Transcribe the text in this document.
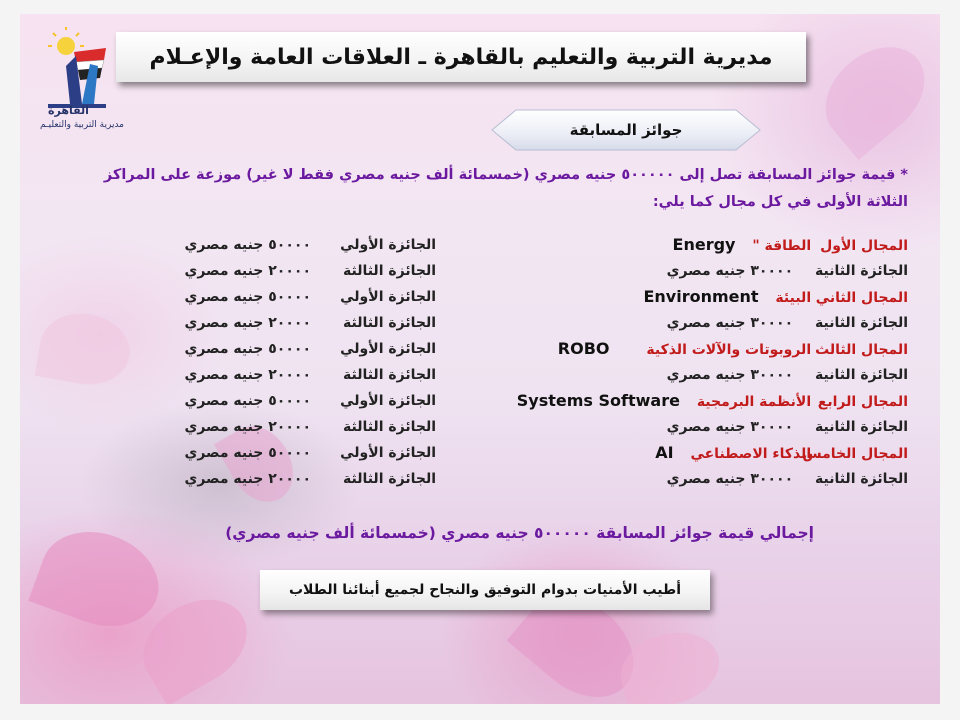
القاهرة
مديرية التربية والتعليـم
مديرية التربية والتعليم بالقاهرة ـ العلاقات العامة والإعـلام
جوائز المسابقة
* قيمة جوائز المسابقة تصل إلى ٥٠٠٠٠٠ جنيه مصري (خمسمائة ألف جنيه مصري فقط لا غير) موزعة على المراكز
الثلاثة الأولى في كل مجال كما يلي:
المجال الأول الطاقة " Energy
الجائزة الثانية ٣٠٠٠٠ جنيه مصري
المجال الثاني البيئة Environment
الجائزة الثانية ٣٠٠٠٠ جنيه مصري
المجال الثالث الروبوتات والآلات الذكية ROBO
الجائزة الثانية ٣٠٠٠٠ جنيه مصري
المجال الرابع الأنظمة البرمجية Systems Software
الجائزة الثانية ٣٠٠٠٠ جنيه مصري
المجال الخامس الذكاء الاصطناعي AI
الجائزة الثانية ٣٠٠٠٠ جنيه مصري
الجائزة الأولي٥٠٠٠٠ جنيه مصري
الجائزة الثالثة٢٠٠٠٠ جنيه مصري
الجائزة الأولي٥٠٠٠٠ جنيه مصري
الجائزة الثالثة٢٠٠٠٠ جنيه مصري
الجائزة الأولي٥٠٠٠٠ جنيه مصري
الجائزة الثالثة٢٠٠٠٠ جنيه مصري
الجائزة الأولي٥٠٠٠٠ جنيه مصري
الجائزة الثالثة٢٠٠٠٠ جنيه مصري
الجائزة الأولي٥٠٠٠٠ جنيه مصري
الجائزة الثالثة٢٠٠٠٠ جنيه مصري
إجمالي قيمة جوائز المسابقة ٥٠٠٠٠٠ جنيه مصري (خمسمائة ألف جنيه مصري)
أطيب الأمنيات بدوام التوفيق والنجاح لجميع أبنائنا الطلاب
